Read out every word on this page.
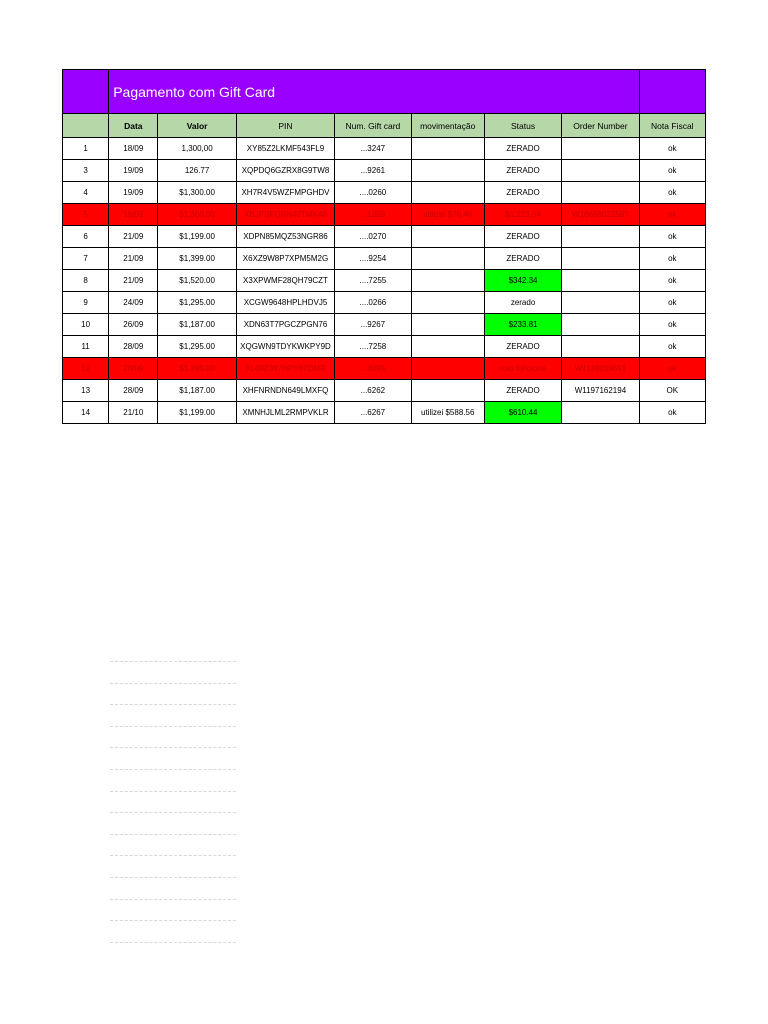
	Pagamento com Gift Card							
	Data	Valor	PIN	Num. Gift card	movimentação	Status	Order Number	Nota Fiscal
1	18/09	1,300,00	XY85Z2LKMF543FL9	...3247		ZERADO		ok
3	19/09	126.77	XQPDQ6GZRX8G9TW8	...9261		ZERADO		ok
4	19/09	$1,300.00	XH7R4V5WZFMPGHDV	....0260		ZERADO		ok
5	19/09	$1,300.00	XBJPSFQRN42TMK46	...1359	utilizei $76.46	$1,223.54	W1066802259?	ok
6	21/09	$1,199.00	XDPN85MQZ53NGR86	....0270		ZERADO		ok
7	21/09	$1,399.00	X6XZ9W8P7XPM5M2G	....9254		ZERADO		ok
8	21/09	$1,520.00	X3XPWMF28QH79CZT	....7255		$342.34		ok
9	24/09	$1,295.00	XCGW9648HPLHDVJ5	....0266		zerado		ok
10	26/09	$1,187.00	XDN63T7PGCZPGN76	...9267		$233.81		ok
11	28/09	$1,295.00	XQGWN9TDYKWKPY9D	....7258		ZERADO		ok
12	28/09	$1,295.00	XL69Z367HPY67DMR	...4093		nao funciona	W1128019651	ok
13	28/09	$1,187.00	XHFNRNDN649LMXFQ	...6262		ZERADO	W1197162194	OK
14	21/10	$1,199.00	XMNHJLML2RMPVKLR	...6267	utilizei $588.56	$610.44		ok
